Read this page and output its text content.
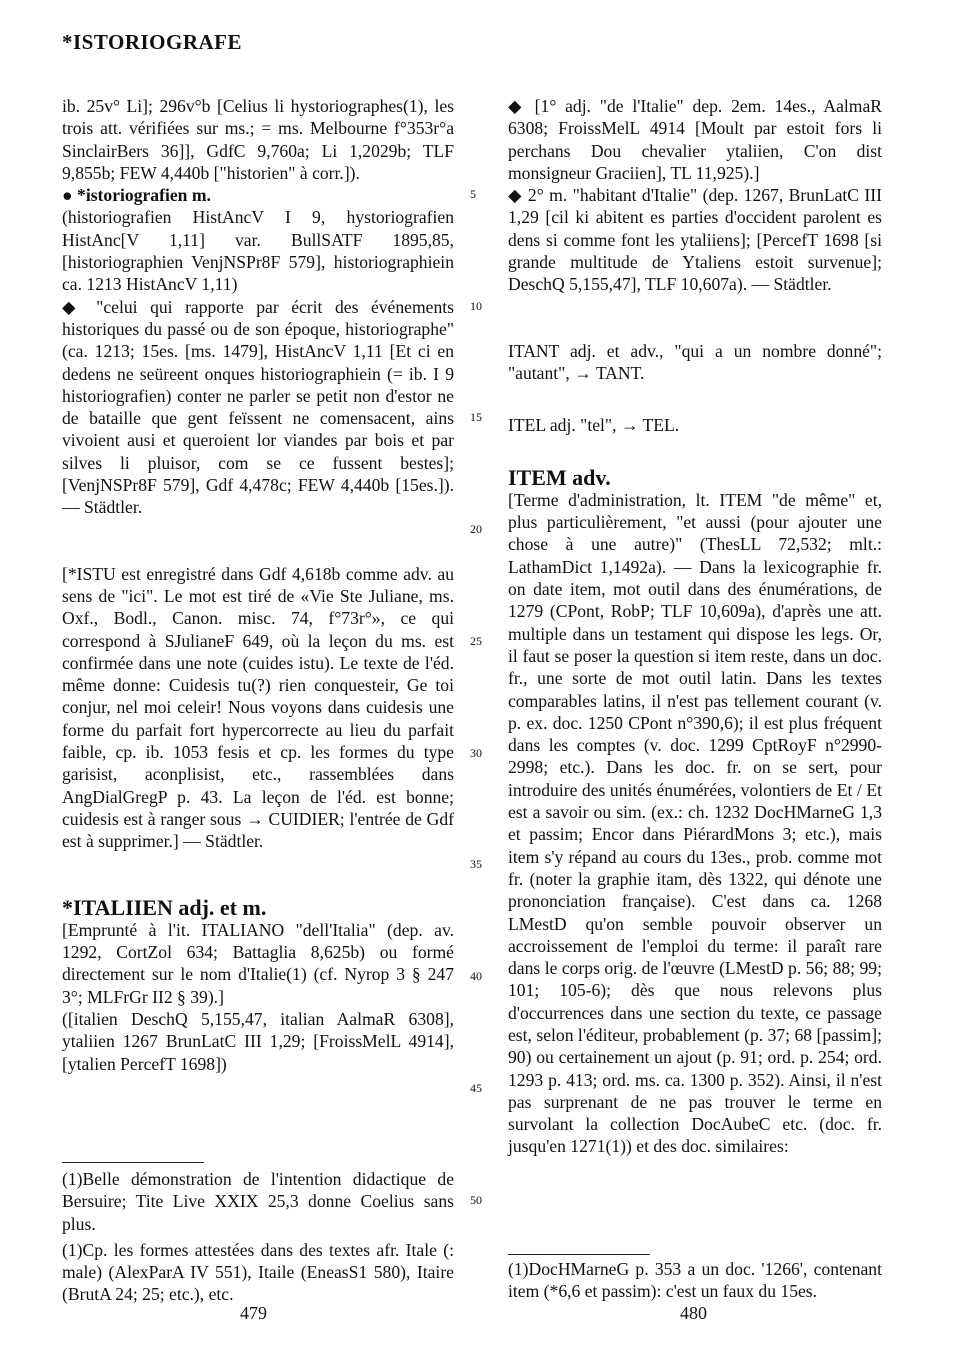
*ISTORIOGRAFE

ib. 25v° Li]; 296v°b [Celius li hystoriographes(1), les trois att. vérifiées sur ms.; = ms. Melbourne f°353r°a SinclairBers 36]], GdfC 9,760a; Li 1,2029b; TLF 9,855b; FEW 4,440b ["historien" à corr.]).

● *istoriografien m.

(historiografien HistAncV I 9, hystoriografien HistAnc[V 1,11] var. BullSATF 1895,85, [historiographien VenjNSPr8F 579], historiographiein ca. 1213 HistAncV 1,11)

◆ "celui qui rapporte par écrit des événements historiques du passé ou de son époque, historiographe" (ca. 1213; 15es. [ms. 1479], HistAncV 1,11 [Et ci en dedens ne seüreent onques historiographiein (= ib. I 9 historiografien) conter ne parler se petit non d'estor ne de bataille que gent feïssent ne comensacent, ains vivoient ausi et queroient lor viandes par bois et par silves li pluisor, com se ce fussent bestes]; [VenjNSPr8F 579], Gdf 4,478c; FEW 4,440b [15es.]). — Städtler.

[*ISTU est enregistré dans Gdf 4,618b comme adv. au sens de "ici". Le mot est tiré de «Vie Ste Juliane, ms. Oxf., Bodl., Canon. misc. 74, f°73r°», ce qui correspond à SJulianeF 649, où la leçon du ms. est confirmée dans une note (cuides istu). Le texte de l'éd. même donne: Cuidesis tu(?) rien conquesteir, Ge toi conjur, nel moi celeir! Nous voyons dans cuidesis une forme du parfait fort hypercorrecte au lieu du parfait faible, cp. ib. 1053 fesis et cp. les formes du type garisist, aconplisist, etc., rassemblées dans AngDialGregP p. 43. La leçon de l'éd. est bonne; cuidesis est à ranger sous → CUIDIER; l'entrée de Gdf est à supprimer.] — Städtler.

*ITALIIEN adj. et m.

[Emprunté à l'it. ITALIANO "dell'Italia" (dep. av. 1292, CortZol 634; Battaglia 8,625b) ou formé directement sur le nom d'Italie(1) (cf. Nyrop 3 § 247 3°; MLFrGr II2 § 39).]

([italien DeschQ 5,155,47, italian AalmaR 6308], ytaliien 1267 BrunLatC III 1,29; [FroissMelL 4914], [ytalien PercefT 1698])

(1)Belle démonstration de l'intention didactique de Bersuire; Tite Live XXIX 25,3 donne Coelius sans plus.

(1)Cp. les formes attestées dans des textes afr. Itale (: male) (AlexParA IV 551), Itaile (EneasS1 580), Itaire (BrutA 24; 25; etc.), etc.

5
10
15
20
25
30
35
40
45
50

◆ [1° adj. "de l'Italie" dep. 2em. 14es., AalmaR 6308; FroissMelL 4914 [Moult par estoit fors li perchans Dou chevalier ytaliien, C'on dist monsigneur Graciien], TL 11,925).]

◆ 2° m. "habitant d'Italie" (dep. 1267, BrunLatC III 1,29 [cil ki abitent es parties d'occident parolent es dens si comme font les ytaliiens]; [PercefT 1698 [si grande multitude de Ytaliens estoit survenue]; DeschQ 5,155,47], TLF 10,607a). — Städtler.

ITANT adj. et adv., "qui a un nombre donné"; "autant", → TANT.

ITEL adj. "tel", → TEL.

ITEM adv.

[Terme d'administration, lt. ITEM "de même" et, plus particulièrement, "et aussi (pour ajouter une chose à une autre)" (ThesLL 72,532; mlt.: LathamDict 1,1492a). — Dans la lexicographie fr. on date item, mot outil dans des énumérations, de 1279 (CPont, RobP; TLF 10,609a), d'après une att. multiple dans un testament qui dispose les legs. Or, il faut se poser la question si item reste, dans un doc. fr., une sorte de mot outil latin. Dans les textes comparables latins, il n'est pas tellement courant (v. p. ex. doc. 1250 CPont n°390,6); il est plus fréquent dans les comptes (v. doc. 1299 CptRoyF n°2990-2998; etc.). Dans les doc. fr. on se sert, pour introduire des unités énumérées, volontiers de Et / Et est a savoir ou sim. (ex.: ch. 1232 DocHMarneG 1,3 et passim; Encor dans PiérardMons 3; etc.), mais item s'y répand au cours du 13es., prob. comme mot fr. (noter la graphie itam, dès 1322, qui dénote une prononciation française). C'est dans ca. 1268 LMestD qu'on semble pouvoir observer un accroissement de l'emploi du terme: il paraît rare dans le corps orig. de l'œuvre (LMestD p. 56; 88; 99; 101; 105-6); dès que nous relevons plus d'occurrences dans une section du texte, ce passage est, selon l'éditeur, probablement (p. 37; 68 [passim]; 90) ou certainement un ajout (p. 91; ord. p. 254; ord. 1293 p. 413; ord. ms. ca. 1300 p. 352). Ainsi, il n'est pas surprenant de ne pas trouver le terme en survolant la collection DocAubeC etc. (doc. fr. jusqu'en 1271(1)) et des doc. similaires:

(1)DocHMarneG p. 353 a un doc. '1266', contenant item (*6,6 et passim): c'est un faux du 15es.

479	480
